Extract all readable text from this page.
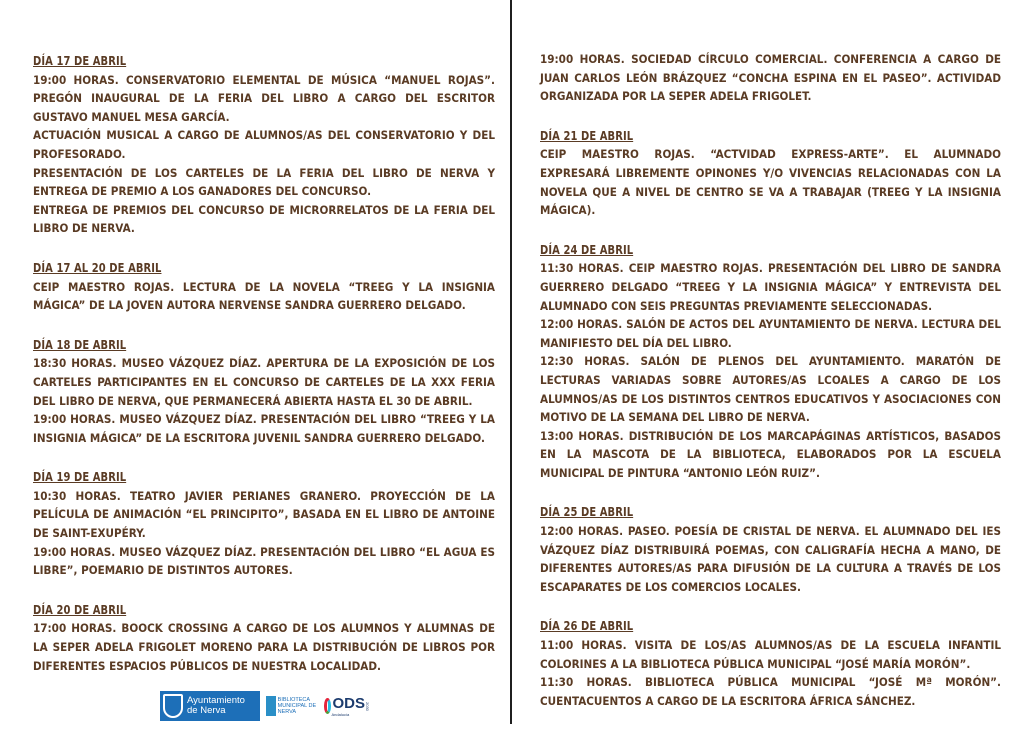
DÍA 17 DE ABRIL

19:00 HORAS. CONSERVATORIO ELEMENTAL DE MÚSICA “MANUEL ROJAS”. PREGÓN INAUGURAL DE LA FERIA DEL LIBRO A CARGO DEL ESCRITOR GUSTAVO MANUEL MESA GARCÍA.

ACTUACIÓN MUSICAL A CARGO DE ALUMNOS/AS DEL CONSERVATORIO Y DEL PROFESORADO.

PRESENTACIÓN DE LOS CARTELES DE LA FERIA DEL LIBRO DE NERVA Y ENTREGA DE PREMIO A LOS GANADORES DEL CONCURSO.

ENTREGA DE PREMIOS DEL CONCURSO DE MICRORRELATOS DE LA FERIA DEL LIBRO DE NERVA.

DÍA 17 AL 20 DE ABRIL

CEIP MAESTRO ROJAS. LECTURA DE LA NOVELA “TREEG Y LA INSIGNIA MÁGICA” DE LA JOVEN AUTORA NERVENSE SANDRA GUERRERO DELGADO.

DÍA 18 DE ABRIL

18:30 HORAS. MUSEO VÁZQUEZ DÍAZ. APERTURA DE LA EXPOSICIÓN DE LOS CARTELES PARTICIPANTES EN EL CONCURSO DE CARTELES DE LA XXX FERIA DEL LIBRO DE NERVA, QUE PERMANECERÁ ABIERTA HASTA EL 30 DE ABRIL.

19:00 HORAS. MUSEO VÁZQUEZ DÍAZ. PRESENTACIÓN DEL LIBRO “TREEG Y LA INSIGNIA MÁGICA” DE LA ESCRITORA JUVENIL SANDRA GUERRERO DELGADO.

DÍA 19 DE ABRIL

10:30 HORAS. TEATRO JAVIER PERIANES GRANERO. PROYECCIÓN DE LA PELÍCULA DE ANIMACIÓN “EL PRINCIPITO”, BASADA EN EL LIBRO DE ANTOINE DE SAINT-EXUPÉRY.

19:00 HORAS. MUSEO VÁZQUEZ DÍAZ. PRESENTACIÓN DEL LIBRO “EL AGUA ES LIBRE”, POEMARIO DE DISTINTOS AUTORES.

DÍA 20 DE ABRIL

17:00 HORAS. BOOCK CROSSING A CARGO DE LOS ALUMNOS Y ALUMNAS DE LA SEPER ADELA FRIGOLET MORENO PARA LA DISTRIBUCIÓN DE LIBROS POR DIFERENTES ESPACIOS PÚBLICOS DE NUESTRA LOCALIDAD.

19:00 HORAS. SOCIEDAD CÍRCULO COMERCIAL. CONFERENCIA A CARGO DE JUAN CARLOS LEÓN BRÁZQUEZ “CONCHA ESPINA EN EL PASEO”. ACTIVIDAD ORGANIZADA POR LA SEPER ADELA FRIGOLET.

DÍA 21 DE ABRIL

CEIP MAESTRO ROJAS. “ACTVIDAD EXPRESS-ARTE”. EL ALUMNADO EXPRESARÁ LIBREMENTE OPINONES Y/O VIVENCIAS RELACIONADAS CON LA NOVELA QUE A NIVEL DE CENTRO SE VA A TRABAJAR (TREEG Y LA INSIGNIA MÁGICA).

DÍA 24 DE ABRIL

11:30 HORAS. CEIP MAESTRO ROJAS. PRESENTACIÓN DEL LIBRO DE SANDRA GUERRERO DELGADO “TREEG Y LA INSIGNIA MÁGICA” Y ENTREVISTA DEL ALUMNADO CON SEIS PREGUNTAS PREVIAMENTE SELECCIONADAS.

12:00 HORAS. SALÓN DE ACTOS DEL AYUNTAMIENTO DE NERVA. LECTURA DEL MANIFIESTO DEL DÍA DEL LIBRO.

12:30 HORAS. SALÓN DE PLENOS DEL AYUNTAMIENTO. MARATÓN DE LECTURAS VARIADAS SOBRE AUTORES/AS LCOALES A CARGO DE LOS ALUMNOS/AS DE LOS DISTINTOS CENTROS EDUCATIVOS Y ASOCIACIONES CON MOTIVO DE LA SEMANA DEL LIBRO DE NERVA.

13:00 HORAS. DISTRIBUCIÓN DE LOS MARCAPÁGINAS ARTÍSTICOS, BASADOS EN LA MASCOTA DE LA BIBLIOTECA, ELABORADOS POR LA ESCUELA MUNICIPAL DE PINTURA “ANTONIO LEÓN RUIZ”.

DÍA 25 DE ABRIL

12:00 HORAS. PASEO. POESÍA DE CRISTAL DE NERVA. EL ALUMNADO DEL IES VÁZQUEZ DÍAZ DISTRIBUIRÁ POEMAS, CON CALIGRAFÍA HECHA A MANO, DE DIFERENTES AUTORES/AS PARA DIFUSIÓN DE LA CULTURA A TRAVÉS DE LOS ESCAPARATES DE LOS COMERCIOS LOCALES.

DÍA 26 DE ABRIL

11:00 HORAS. VISITA DE LOS/AS ALUMNOS/AS DE LA ESCUELA INFANTIL COLORINES A LA BIBLIOTECA PÚBLICA MUNICIPAL “JOSÉ MARÍA MORÓN”.

11:30 HORAS. BIBLIOTECA PÚBLICA MUNICIPAL “JOSÉ Mª MORÓN”. CUENTACUENTOS A CARGO DE LA ESCRITORA ÁFRICA SÁNCHEZ.

Ayuntamiento
de Nerva
BIBLIOTECA
MUNICIPAL DE NERVA	ODS
Andalucía
2030
